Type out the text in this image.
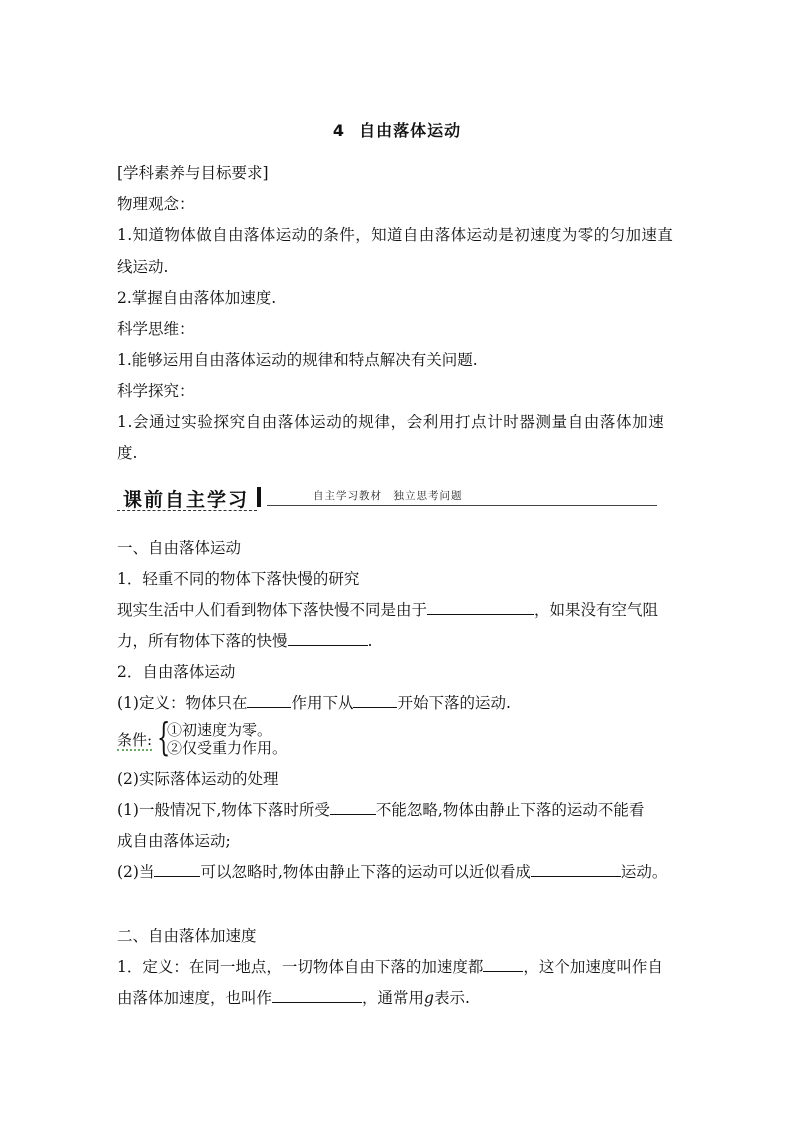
4 自由落体运动
[学科素养与目标要求]
物理观念：
1.知道物体做自由落体运动的条件，知道自由落体运动是初速度为零的匀加速直
线运动.
2.掌握自由落体加速度.
科学思维：
1.能够运用自由落体运动的规律和特点解决有关问题.
科学探究：
1.会通过实验探究自由落体运动的规律，会利用打点计时器测量自由落体加速
度.
课前自主学习	自主学习教材　独立思考问题
一、自由落体运动
1．轻重不同的物体下落快慢的研究
现实生活中人们看到物体下落快慢不同是由于	，如果没有空气阻
力，所有物体下落的快慢	.
2．自由落体运动
(1)定义：物体只在	作用下从	开始下落的运动.
条件: {
①初速度为零。
②仅受重力作用。
(2)实际落体运动的处理
(1)一般情况下,物体下落时所受	不能忽略,物体由静止下落的运动不能看
成自由落体运动;
(2)当	可以忽略时,物体由静止下落的运动可以近似看成	运动。
二、自由落体加速度
1．定义：在同一地点，一切物体自由下落的加速度都	，这个加速度叫作自
由落体加速度，也叫作	，通常用g表示.
